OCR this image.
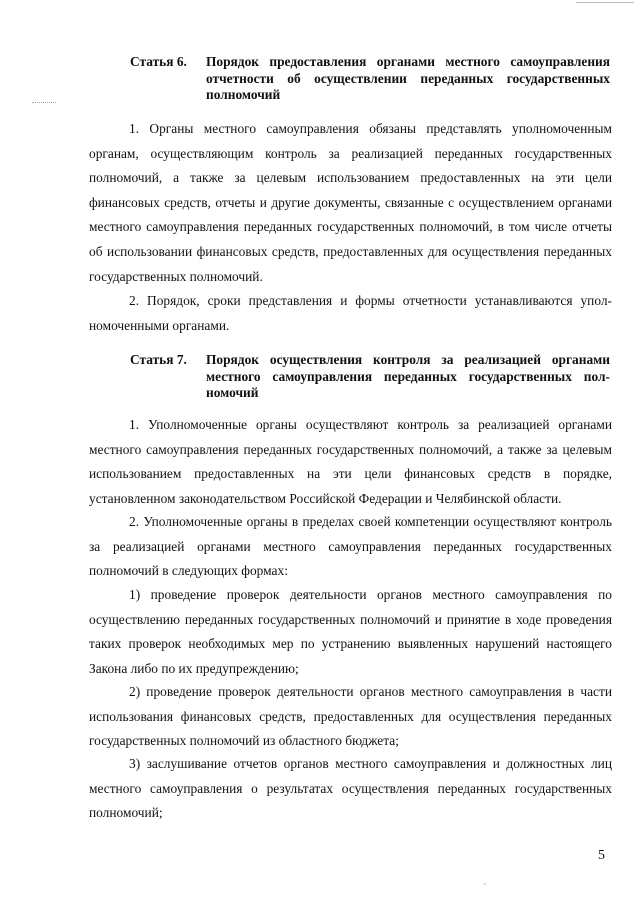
Статья 6.	Порядок предоставления органами местного самоуправления отчетности об осуществлении переданных государственных полномочий

1. Органы местного самоуправления обязаны представлять уполномоченным органам, осуществляющим контроль за реализацией переданных государственных полномочий, а также за целевым использованием предоставленных на эти цели финансовых средств, отчеты и другие документы, связанные с осуществлением органами местного самоуправления переданных государственных полномочий, в том числе отчеты об использовании финансовых средств, предоставленных для осуществления переданных государственных полномочий.

2. Порядок, сроки представления и формы отчетности устанавливаются уполномоченными органами.

Статья 7.	Порядок осуществления контроля за реализацией органами местного самоуправления переданных государственных полномочий

1. Уполномоченные органы осуществляют контроль за реализацией органами местного самоуправления переданных государственных полномочий, а также за целевым использованием предоставленных на эти цели финансовых средств в порядке, установленном законодательством Российской Федерации и Челябинской области.

2. Уполномоченные органы в пределах своей компетенции осуществляют контроль за реализацией органами местного самоуправления переданных государственных полномочий в следующих формах:

1) проведение проверок деятельности органов местного самоуправления по осуществлению переданных государственных полномочий и принятие в ходе проведения таких проверок необходимых мер по устранению выявленных нарушений настоящего Закона либо по их предупреждению;

2) проведение проверок деятельности органов местного самоуправления в части использования финансовых средств, предоставленных для осуществления переданных государственных полномочий из областного бюджета;

3) заслушивание отчетов органов местного самоуправления и должностных лиц местного самоуправления о результатах осуществления переданных государственных полномочий;

5
